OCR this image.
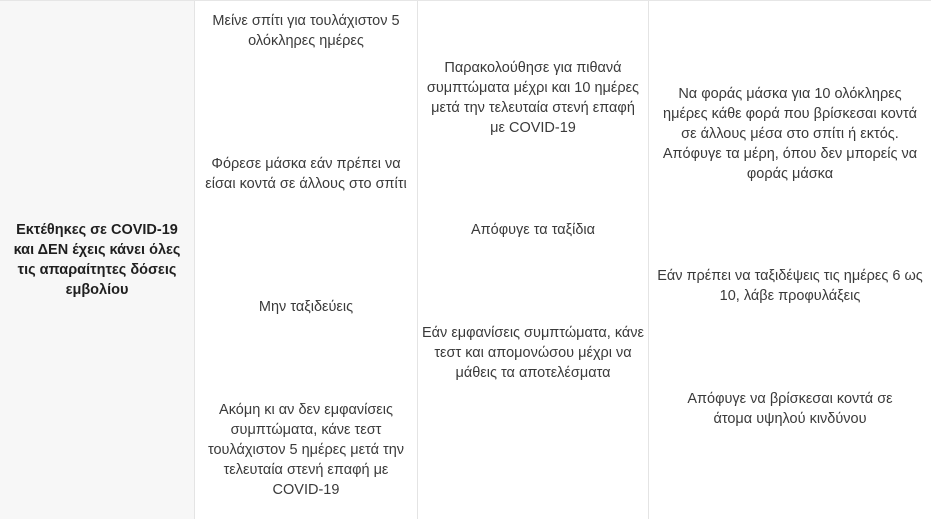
Εκτέθηκες σε COVID-19 και ΔΕΝ έχεις κάνει όλες τις απαραίτητες δόσεις εμβολίου
Μείνε σπίτι για τουλάχιστον 5 ολόκληρες ημέρες
Φόρεσε μάσκα εάν πρέπει να είσαι κοντά σε άλλους στο σπίτι
Μην ταξιδεύεις
Ακόμη κι αν δεν εμφανίσεις συμπτώματα, κάνε τεστ τουλάχιστον 5 ημέρες μετά την τελευταία στενή επαφή με COVID-19
Παρακολούθησε για πιθανά συμπτώματα μέχρι και 10 ημέρες μετά την τελευταία στενή επαφή με COVID-19
Απόφυγε τα ταξίδια
Εάν εμφανίσεις συμπτώματα, κάνε τεστ και απομονώσου μέχρι να μάθεις τα αποτελέσματα
Να φοράς μάσκα για 10 ολόκληρες ημέρες κάθε φορά που βρίσκεσαι κοντά σε άλλους μέσα στο σπίτι ή εκτός. Απόφυγε τα μέρη, όπου δεν μπορείς να φοράς μάσκα
Εάν πρέπει να ταξιδέψεις τις ημέρες 6 ως 10, λάβε προφυλάξεις
Απόφυγε να βρίσκεσαι κοντά σε άτομα υψηλού κινδύνου
